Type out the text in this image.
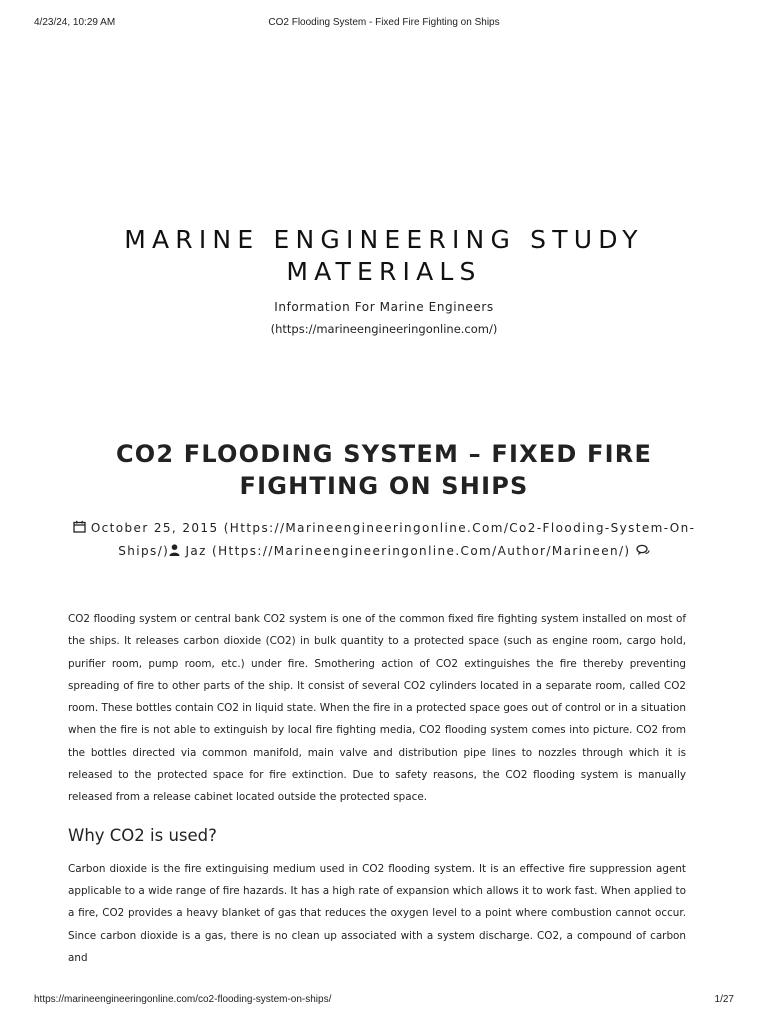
4/23/24, 10:29 AM	CO2 Flooding System - Fixed Fire Fighting on Ships
MARINE ENGINEERING STUDY MATERIALS
Information For Marine Engineers
(https://marineengineeringonline.com/)
CO2 FLOODING SYSTEM – FIXED FIRE FIGHTING ON SHIPS
October 25, 2015 (Https://Marineengineeringonline.Com/Co2-Flooding-System-On-Ships/) Jaz (Https://Marineengineeringonline.Com/Author/Marineen/)

CO2 flooding system or central bank CO2 system is one of the common fixed fire fighting system installed on most of the ships. It releases carbon dioxide (CO2) in bulk quantity to a protected space (such as engine room, cargo hold, purifier room, pump room, etc.) under fire. Smothering action of CO2 extinguishes the fire thereby preventing spreading of fire to other parts of the ship. It consist of several CO2 cylinders located in a separate room, called CO2 room. These bottles contain CO2 in liquid state. When the fire in a protected space goes out of control or in a situation when the fire is not able to extinguish by local fire fighting media, CO2 flooding system comes into picture. CO2 from the bottles directed via common manifold, main valve and distribution pipe lines to nozzles through which it is released to the protected space for fire extinction. Due to safety reasons, the CO2 flooding system is manually released from a release cabinet located outside the protected space.

Why CO2 is used?

Carbon dioxide is the fire extinguising medium used in CO2 flooding system. It is an effective fire suppression agent applicable to a wide range of fire hazards. It has a high rate of expansion which allows it to work fast. When applied to a fire, CO2 provides a heavy blanket of gas that reduces the oxygen level to a point where combustion cannot occur. Since carbon dioxide is a gas, there is no clean up associated with a system discharge. CO2, a compound of carbon and

https://marineengineeringonline.com/co2-flooding-system-on-ships/	1/27
